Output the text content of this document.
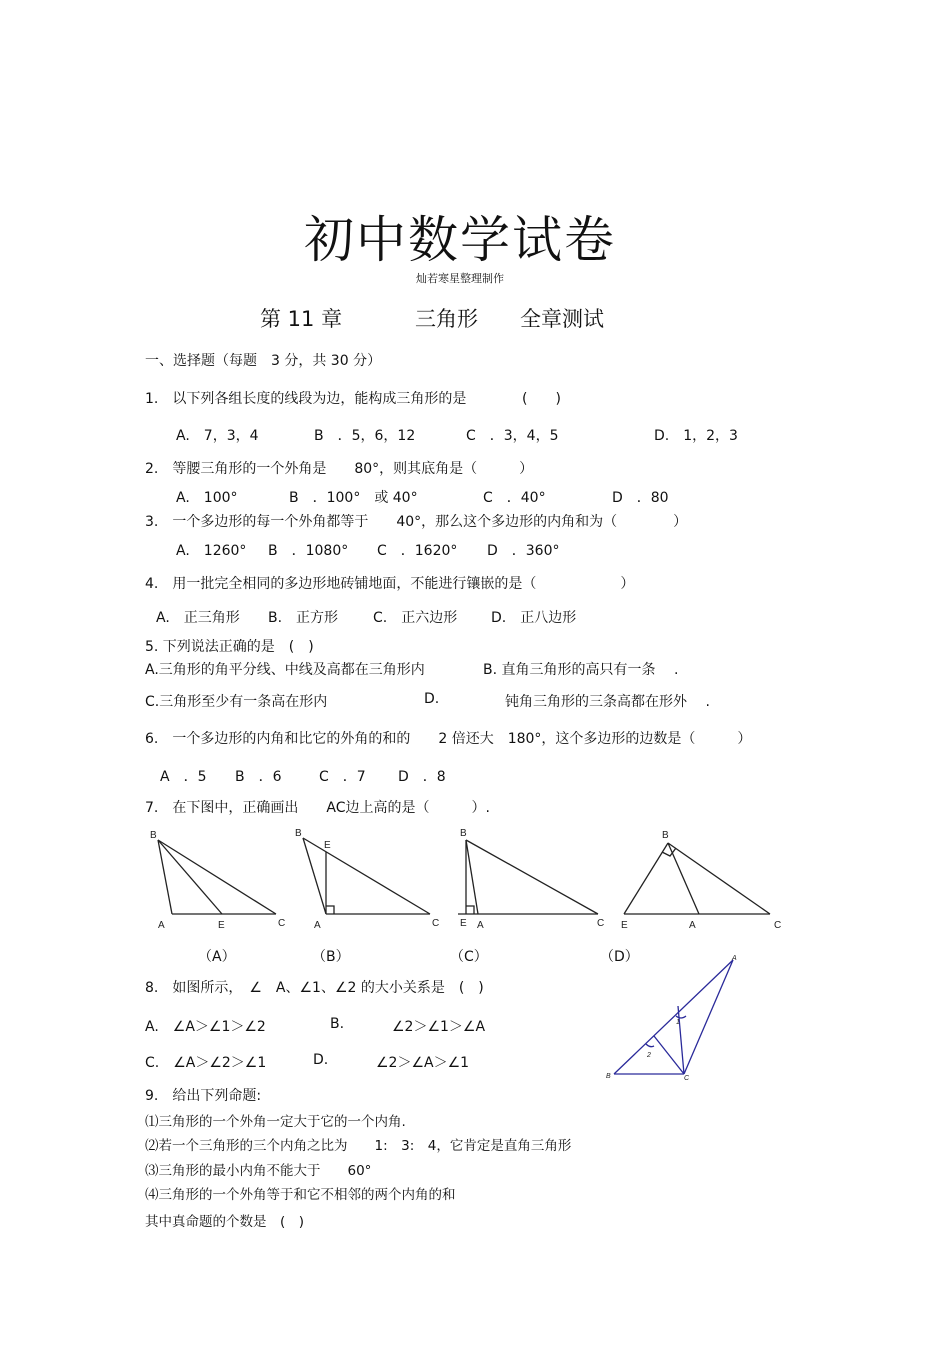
初中数学试卷
灿若寒星整理制作
第 11 章	三角形 全章测试
一、选择题（每题　3 分，共 30 分）
1.　以下列各组长度的线段为边，能构成三角形的是	(　　)
A.　7，3，4	B　．5，6，12	C　．3，4，5	D.　1，2，3
2.　等腰三角形的一个外角是　　80°，则其底角是（　　　）
A.　100°	B　．100°　或 40°	C　．40°	D　．80
3.　一个多边形的每一个外角都等于　　40°，那么这个多边形的内角和为（　　　　）
A.　1260° B　．1080° C　．1620° D　．360°
4.　用一批完全相同的多边形地砖铺地面，不能进行镶嵌的是（　　　　　　）
A.　正三角形 B.　正方形 C.　正六边形 D.　正八边形
5. 下列说法正确的是　(　)
A.三角形的角平分线、中线及高都在三角形内	B. 直角三角形的高只有一条　 .
C.三角形至少有一条高在形内	D.	钝角三角形的三条高都在形外　 .
6.　一个多边形的内角和比它的外角的和的　　2 倍还大　180°，这个多边形的边数是（　　　）
A　．5 B　．6	C　．7 D　．8
7.　在下图中，正确画出　　AC边上高的是（　　　）.
B
A	E	C
B
E
A	C
B
E A	C
B
E	A	C
（A）	（B）	（C）	（D）
8.　如图所示，　∠　A、∠1、∠2 的大小关系是　(　)
A.　∠A＞∠1＞∠2	B.	∠2＞∠1＞∠A
C.　∠A＞∠2＞∠1	D.	∠2＞∠A＞∠1
A
B	C
1
2
9.　给出下列命题:
⑴三角形的一个外角一定大于它的一个内角.
⑵若一个三角形的三个内角之比为　　1:　3:　4，它肯定是直角三角形
⑶三角形的最小内角不能大于　　60°
⑷三角形的一个外角等于和它不相邻的两个内角的和
其中真命题的个数是　(　)
